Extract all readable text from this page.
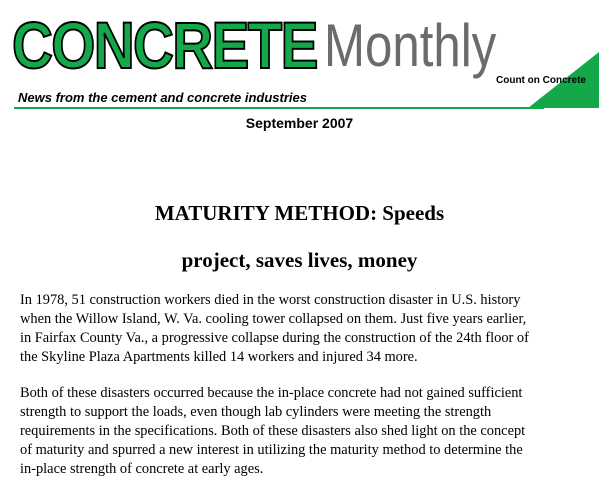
CONCRETE Monthly
Count on Concrete
News from the cement and concrete industries
September 2007
MATURITY METHOD: Speeds
project, saves lives, money

In 1978, 51 construction workers died in the worst construction disaster in U.S. history
when the Willow Island, W. Va. cooling tower collapsed on them. Just five years earlier,
in Fairfax County Va., a progressive collapse during the construction of the 24th floor of
the Skyline Plaza Apartments killed 14 workers and injured 34 more.

Both of these disasters occurred because the in-place concrete had not gained sufficient
strength to support the loads, even though lab cylinders were meeting the strength
requirements in the specifications. Both of these disasters also shed light on the concept
of maturity and spurred a new interest in utilizing the maturity method to determine the
in-place strength of concrete at early ages.
